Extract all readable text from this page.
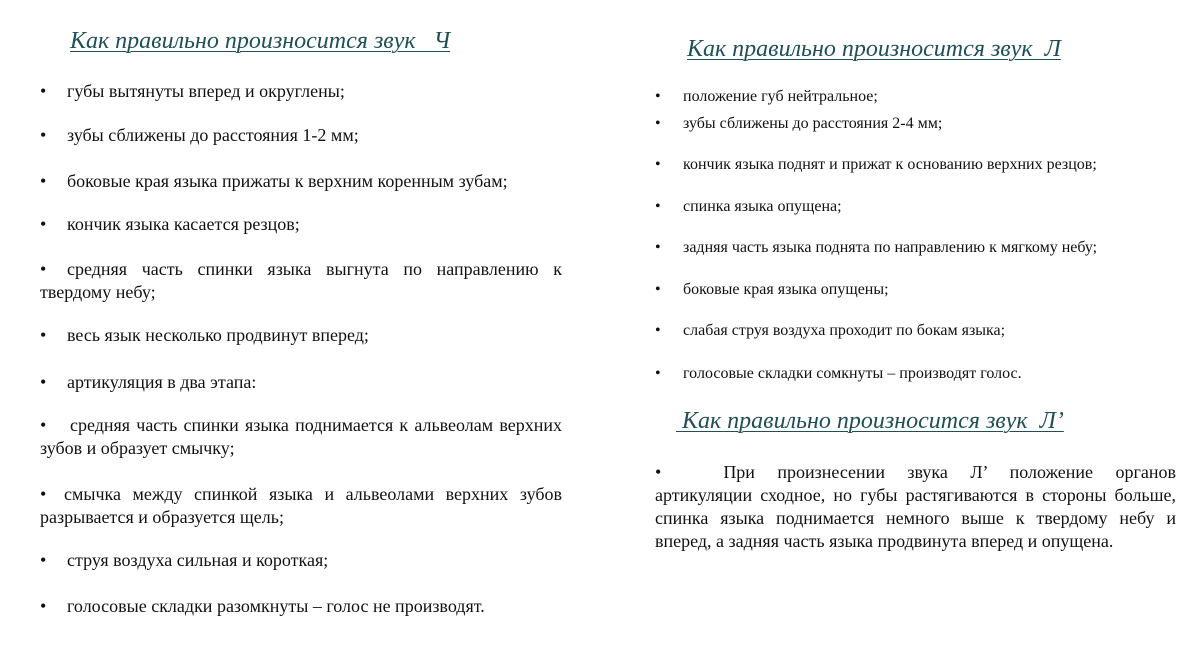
Как правильно произносится звук   Ч
•	губы вытянуты вперед и округлены;
•	зубы сближены до расстояния 1-2 мм;
•	боковые края языка прижаты к верхним коренным зубам;
•	кончик языка касается резцов;
•	средняя часть спинки языка выгнута по направлению к твердому небу;
•	весь язык несколько продвинут вперед;
•	артикуляция в два этапа:
•	средняя часть спинки языка поднимается к альвеолам верхних зубов и образует смычку;
• смычка между спинкой языка и альвеолами верхних зубов разрывается и образуется щель;
•	струя воздуха сильная и короткая;
•	голосовые складки разомкнуты – голос не производят.
Как правильно произносится звук  Л
•	положение губ нейтральное;
•	зубы сближены до расстояния 2-4 мм;
•	кончик языка поднят и прижат к основанию верхних резцов;
•	спинка языка опущена;
•	задняя часть языка поднята по направлению к мягкому небу;
•	боковые края языка опущены;
•	слабая струя воздуха проходит по бокам языка;
•	голосовые складки сомкнуты – производят голос.
Как правильно произносится звук  Л’

•	При произнесении звука Л’ положение органов артикуляции сходное, но губы растягиваются в стороны больше, спинка языка поднимается немного выше к твердому небу и вперед, а задняя часть языка продвинута вперед и опущена.
